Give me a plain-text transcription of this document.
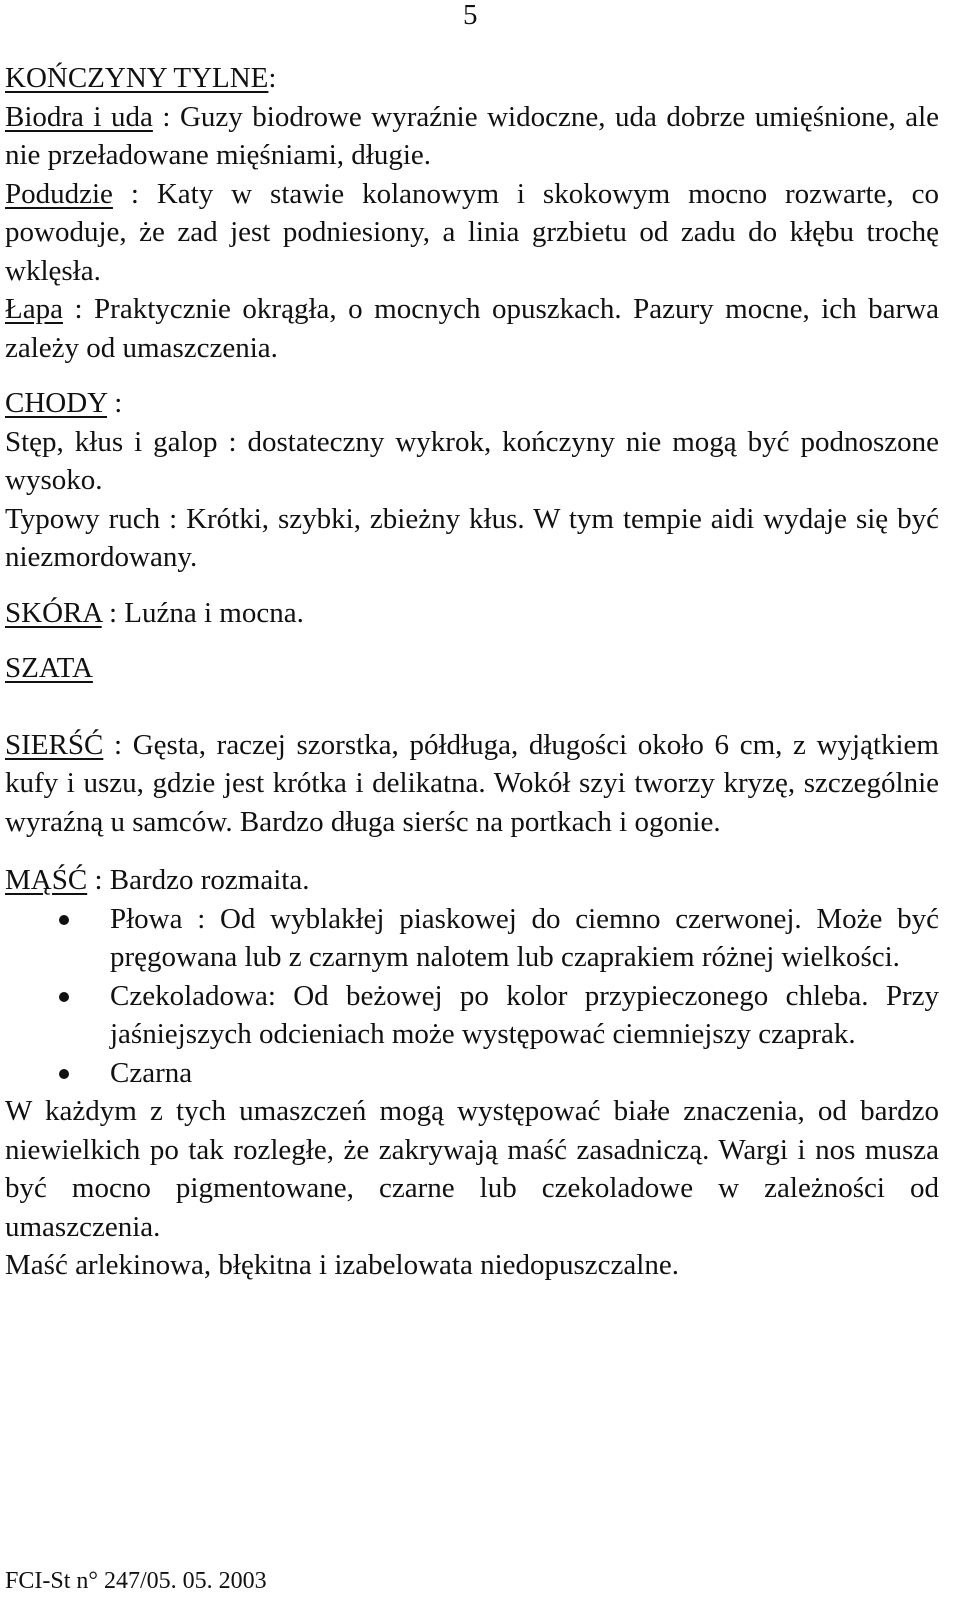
5

KOŃCZYNY TYLNE:

Biodra i uda : Guzy biodrowe wyraźnie widoczne, uda dobrze umięśnione, ale nie przeładowane mięśniami, długie.

Podudzie : Katy w stawie kolanowym i skokowym mocno rozwarte, co powoduje, że zad jest podniesiony, a linia grzbietu od zadu do kłębu trochę wklęsła.

Łapa : Praktycznie okrągła, o mocnych opuszkach. Pazury mocne, ich barwa zależy od umaszczenia.

CHODY :

Stęp, kłus i galop : dostateczny wykrok, kończyny nie mogą być podnoszone wysoko.

Typowy ruch : Krótki, szybki, zbieżny kłus. W tym tempie aidi wydaje się być niezmordowany.

SKÓRA : Luźna i mocna.

SZATA

SIERŚĆ : Gęsta, raczej szorstka, półdługa, długości około 6 cm, z wyjątkiem kufy i uszu, gdzie jest krótka i delikatna. Wokół szyi tworzy kryzę, szczególnie wyraźną u samców. Bardzo długa sierśc na portkach i ogonie.

MĄŚĆ : Bardzo rozmaita.

Płowa : Od wyblakłej piaskowej do ciemno czerwonej. Może być pręgowana lub z czarnym nalotem lub czaprakiem różnej wielkości.
Czekoladowa: Od beżowej po kolor przypieczonego chleba. Przy jaśniejszych odcieniach może występować ciemniejszy czaprak.
Czarna

W każdym z tych umaszczeń mogą występować białe znaczenia, od bardzo niewielkich po tak rozległe, że zakrywają maść zasadniczą. Wargi i nos musza być mocno pigmentowane, czarne lub czekoladowe w zależności od umaszczenia.

Maść arlekinowa, błękitna i izabelowata niedopuszczalne.

FCI-St n° 247/05. 05. 2003
